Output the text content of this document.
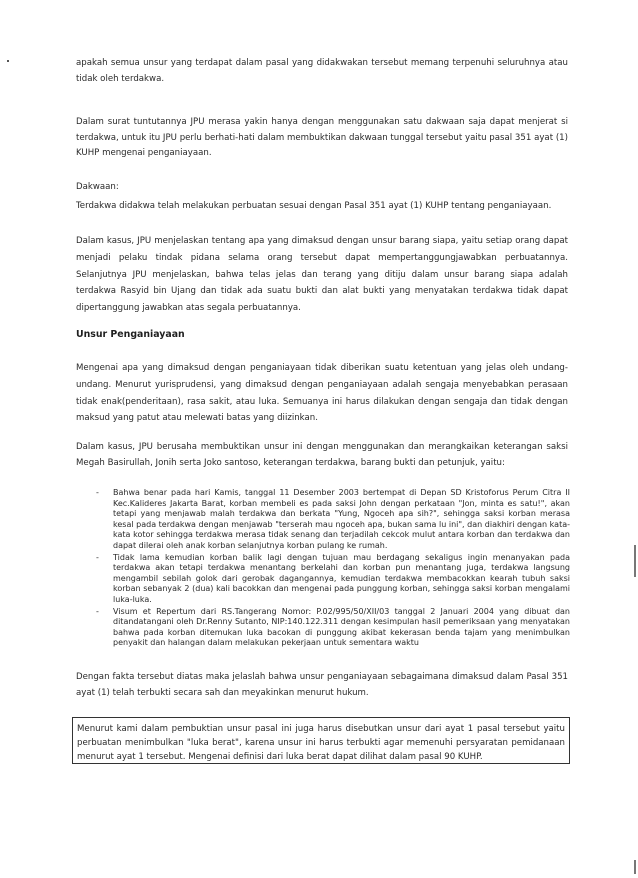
apakah semua unsur yang terdapat dalam pasal yang didakwakan tersebut memang terpenuhi seluruhnya atau tidak oleh terdakwa.

Dalam surat tuntutannya JPU merasa yakin hanya dengan menggunakan satu dakwaan saja dapat menjerat si terdakwa, untuk itu JPU perlu berhati-hati dalam membuktikan dakwaan tunggal tersebut yaitu pasal 351 ayat (1) KUHP mengenai penganiayaan.

Dakwaan:

Terdakwa didakwa telah melakukan perbuatan sesuai dengan Pasal 351 ayat (1) KUHP tentang penganiayaan.

Dalam kasus, JPU menjelaskan tentang apa yang dimaksud dengan unsur barang siapa, yaitu setiap orang dapat menjadi pelaku tindak pidana selama orang tersebut dapat mempertanggungjawabkan perbuatannya. Selanjutnya JPU menjelaskan, bahwa telas jelas dan terang yang ditiju dalam unsur barang siapa adalah terdakwa Rasyid bin Ujang dan tidak ada suatu bukti dan alat bukti yang menyatakan terdakwa tidak dapat dipertanggung jawabkan atas segala perbuatannya.

Unsur Penganiayaan

Mengenai apa yang dimaksud dengan penganiayaan tidak diberikan suatu ketentuan yang jelas oleh undang-undang. Menurut yurisprudensi, yang dimaksud dengan penganiayaan adalah sengaja menyebabkan perasaan tidak enak(penderitaan), rasa sakit, atau luka. Semuanya ini harus dilakukan dengan sengaja dan tidak dengan maksud yang patut atau melewati batas yang diizinkan.

Dalam kasus, JPU berusaha membuktikan unsur ini dengan menggunakan dan merangkaikan keterangan saksi Megah Basirullah, Jonih serta Joko santoso, keterangan terdakwa, barang bukti dan petunjuk, yaitu:

- Bahwa benar pada hari Kamis, tanggal 11 Desember 2003 bertempat di Depan SD Kristoforus Perum Citra II Kec.Kalideres Jakarta Barat, korban membeli es pada saksi John dengan perkataan "Jon, minta es satu!", akan tetapi yang menjawab malah terdakwa dan berkata "Yung, Ngoceh apa sih?", sehingga saksi korban merasa kesal pada terdakwa dengan menjawab "terserah mau ngoceh apa, bukan sama lu ini", dan diakhiri dengan kata-kata kotor sehingga terdakwa merasa tidak senang dan terjadilah cekcok mulut antara korban dan terdakwa dan dapat dilerai oleh anak korban selanjutnya korban pulang ke rumah.
- Tidak lama kemudian korban balik lagi dengan tujuan mau berdagang sekaligus ingin menanyakan pada terdakwa akan tetapi terdakwa menantang berkelahi dan korban pun menantang juga, terdakwa langsung mengambil sebilah golok dari gerobak dagangannya, kemudian terdakwa membacokkan kearah tubuh saksi korban sebanyak 2 (dua) kali bacokkan dan mengenai pada punggung korban, sehingga saksi korban mengalami luka-luka.
- Visum et Repertum dari RS.Tangerang Nomor: P.02/995/50/XII/03 tanggal 2 Januari 2004 yang dibuat dan ditandatangani oleh Dr.Renny Sutanto, NIP:140.122.311 dengan kesimpulan hasil pemeriksaan yang menyatakan bahwa pada korban ditemukan luka bacokan di punggung akibat kekerasan benda tajam yang menimbulkan penyakit dan halangan dalam melakukan pekerjaan untuk sementara waktu

Dengan fakta tersebut diatas maka jelaslah bahwa unsur penganiayaan sebagaimana dimaksud dalam Pasal 351 ayat (1) telah terbukti secara sah dan meyakinkan menurut hukum.

Menurut kami dalam pembuktian unsur pasal ini juga harus disebutkan unsur dari ayat 1 pasal tersebut yaitu perbuatan menimbulkan "luka berat", karena unsur ini harus terbukti agar memenuhi persyaratan pemidanaan menurut ayat 1 tersebut. Mengenai definisi dari luka berat dapat dilihat dalam pasal 90 KUHP.
